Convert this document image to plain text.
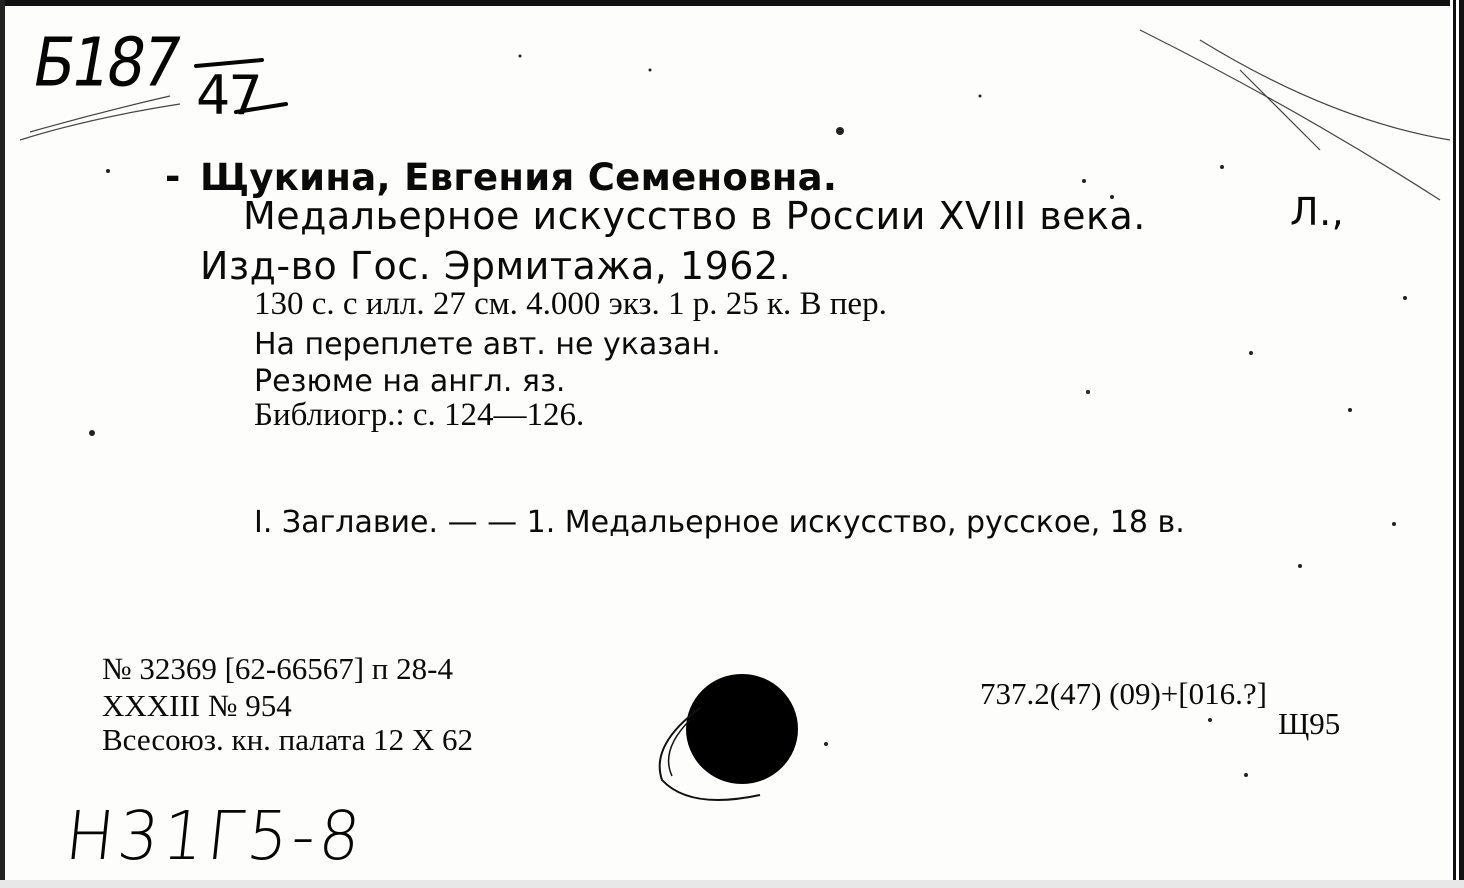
Б187 47
- Щукина, Евгения Семеновна.
Медальерное искусство в России XVIII века.	Л.,
Изд-во Гос. Эрмитажа, 1962.
130 с. с илл. 27 см. 4.000 экз. 1 р. 25 к. В пер.
На переплете авт. не указан.
Резюме на англ. яз.
Библиогр.: с. 124—126.
I. Заглавие. — — 1. Медальерное искусство, русское, 18 в.
№ 32369 [62-66567] п 28-4
XXXIII № 954
Всесоюз. кн. палата 12 X 62
737.2(47) (09)+[016.?]
Щ95
H31Г5-8
